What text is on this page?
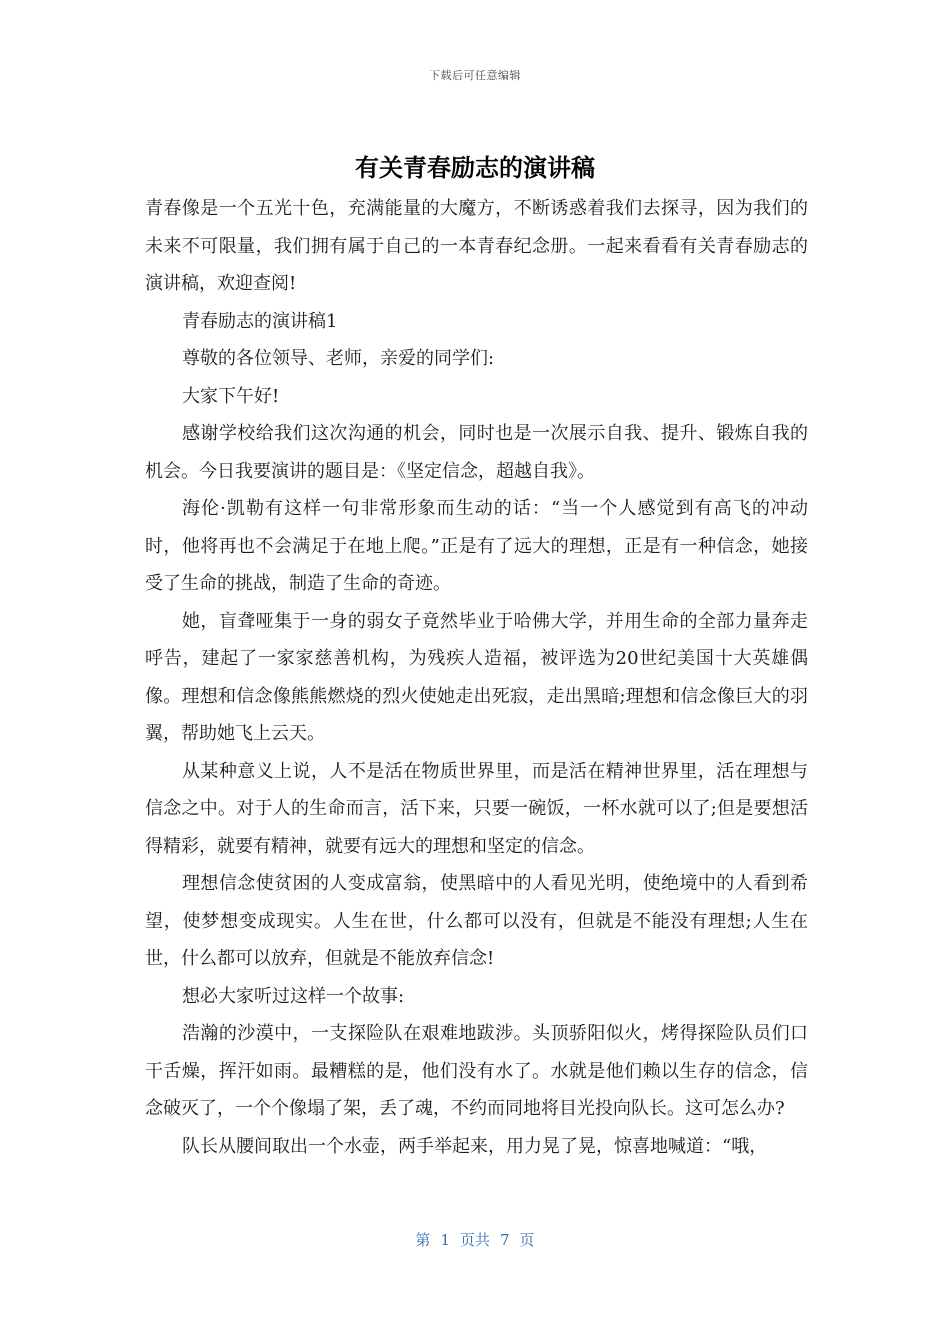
下载后可任意编辑
有关青春励志的演讲稿

青春像是一个五光十色，充满能量的大魔方，不断诱惑着我们去探寻，因为我们的未来不可限量，我们拥有属于自己的一本青春纪念册。一起来看看有关青春励志的演讲稿，欢迎查阅!

青春励志的演讲稿1

尊敬的各位领导、老师，亲爱的同学们:

大家下午好!

感谢学校给我们这次沟通的机会，同时也是一次展示自我、提升、锻炼自我的机会。今日我要演讲的题目是：《坚定信念，超越自我》。

海伦·凯勒有这样一句非常形象而生动的话：“当一个人感觉到有高飞的冲动时，他将再也不会满足于在地上爬。”正是有了远大的理想，正是有一种信念，她接受了生命的挑战，制造了生命的奇迹。

她，盲聋哑集于一身的弱女子竟然毕业于哈佛大学，并用生命的全部力量奔走呼告，建起了一家家慈善机构，为残疾人造福，被评选为20世纪美国十大英雄偶像。理想和信念像熊熊燃烧的烈火使她走出死寂，走出黑暗;理想和信念像巨大的羽翼，帮助她飞上云天。

从某种意义上说，人不是活在物质世界里，而是活在精神世界里，活在理想与信念之中。对于人的生命而言，活下来，只要一碗饭，一杯水就可以了;但是要想活得精彩，就要有精神，就要有远大的理想和坚定的信念。

理想信念使贫困的人变成富翁，使黑暗中的人看见光明，使绝境中的人看到希望，使梦想变成现实。人生在世，什么都可以没有，但就是不能没有理想;人生在世，什么都可以放弃，但就是不能放弃信念!

想必大家听过这样一个故事:

浩瀚的沙漠中，一支探险队在艰难地跋涉。头顶骄阳似火，烤得探险队员们口干舌燥，挥汗如雨。最糟糕的是，他们没有水了。水就是他们赖以生存的信念，信念破灭了，一个个像塌了架，丢了魂，不约而同地将目光投向队长。这可怎么办?

队长从腰间取出一个水壶，两手举起来，用力晃了晃，惊喜地喊道：“哦，

第 1 页共 7 页
